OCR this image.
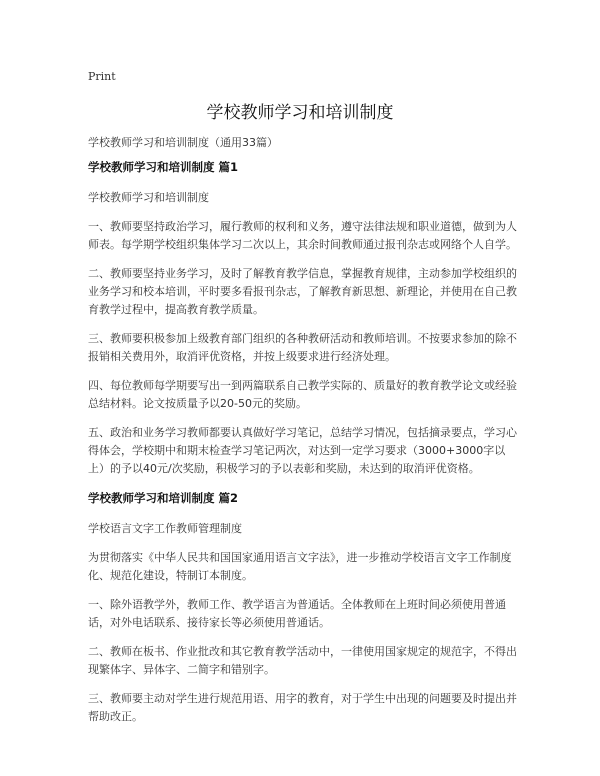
Print
学校教师学习和培训制度

学校教师学习和培训制度（通用33篇）

学校教师学习和培训制度 篇1

学校教师学习和培训制度

一、教师要坚持政治学习，履行教师的权利和义务，遵守法律法规和职业道德，做到为人师表。每学期学校组织集体学习二次以上，其余时间教师通过报刊杂志或网络个人自学。

二、教师要坚持业务学习，及时了解教育教学信息，掌握教育规律，主动参加学校组织的业务学习和校本培训，平时要多看报刊杂志，了解教育新思想、新理论，并使用在自己教育教学过程中，提高教育教学质量。

三、教师要积极参加上级教育部门组织的各种教研活动和教师培训。不按要求参加的除不报销相关费用外，取消评优资格，并按上级要求进行经济处理。

四、每位教师每学期要写出一到两篇联系自己教学实际的、质量好的教育教学论文或经验总结材料。论文按质量予以20-50元的奖励。

五、政治和业务学习教师都要认真做好学习笔记，总结学习情况，包括摘录要点，学习心得体会，学校期中和期末检查学习笔记两次，对达到一定学习要求（3000+3000字以上）的予以40元/次奖励，积极学习的予以表彰和奖励，未达到的取消评优资格。

学校教师学习和培训制度 篇2

学校语言文字工作教师管理制度

为贯彻落实《中华人民共和国国家通用语言文字法》，进一步推动学校语言文字工作制度化、规范化建设，特制订本制度。

一、除外语教学外，教师工作、教学语言为普通话。全体教师在上班时间必须使用普通话，对外电话联系、接待家长等必须使用普通话。

二、教师在板书、作业批改和其它教育教学活动中，一律使用国家规定的规范字，不得出现繁体字、异体字、二简字和错别字。

三、教师要主动对学生进行规范用语、用字的教育，对于学生中出现的问题要及时提出并帮助改正。
